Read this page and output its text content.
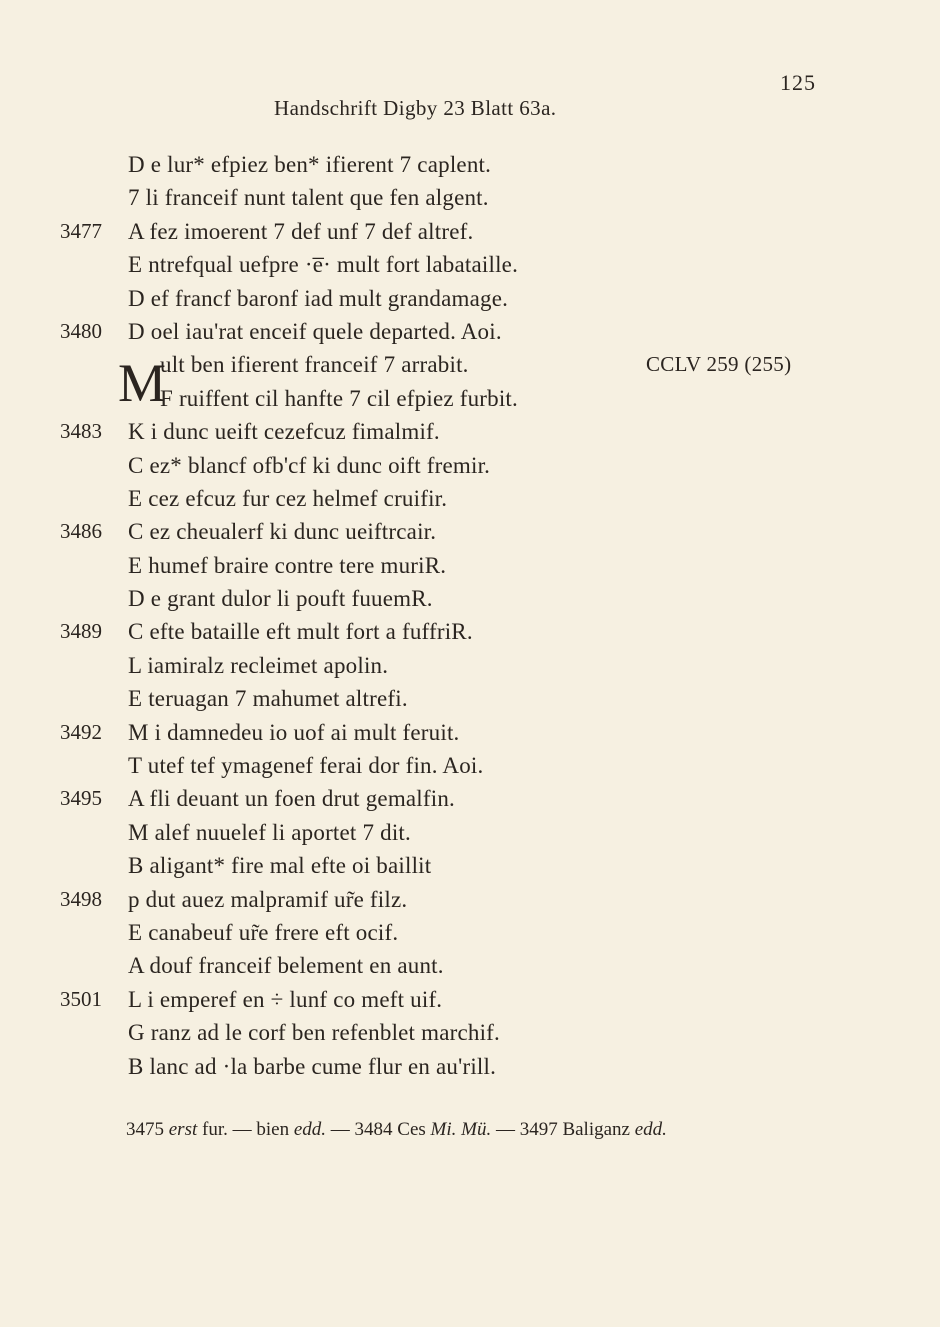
125
Handschrift Digby 23 Blatt 63a.
D e lur* efpiez ben* ifierent 7 caplent.
7 li franceif nunt talent que fen algent.
3477 A fez imoerent 7 def unf 7 def altref.
E ntrefqual uefpre ·e̅· mult fort labataille.
D ef francf baronf iad mult grandamage.
3480 D oel iau'rat enceif quele departed. Aoi.
M
ult ben ifierent franceif 7 arrabit.	CCLV 259 (255)
F ruiffent cil hanfte 7 cil efpiez furbit.
3483 K i dunc ueift cezefcuz fimalmif.
C ez* blancf ofb'cf ki dunc oift fremir.
E cez efcuz fur cez helmef cruifir.
3486 C ez cheualerf ki dunc ueiftrcair.
E humef braire contre tere muriR.
D e grant dulor li pouft fuuemR.
3489 C efte bataille eft mult fort a fuffriR.
L iamiralz recleimet apolin.
E teruagan 7 mahumet altrefi.
3492 M i damnedeu io uof ai mult feruit.
T utef tef ymagenef ferai dor fin. Aoi.
3495 A fli deuant un foen drut gemalfin.
M alef nuuelef li aportet 7 dit.
B aligant* fire mal efte oi baillit
3498 p dut auez malpramif ur̃e filz.
E canabeuf ur̃e frere eft ocif.
A douf franceif belement en aunt.
3501 L i emperef en ÷ lunf co meft uif.
G ranz ad le corf ben refenblet marchif.
B lanc ad ·la barbe cume flur en au'rill.
3475 erst fur. — bien edd. — 3484 Ces Mi. Mü. — 3497 Baliganz edd.
